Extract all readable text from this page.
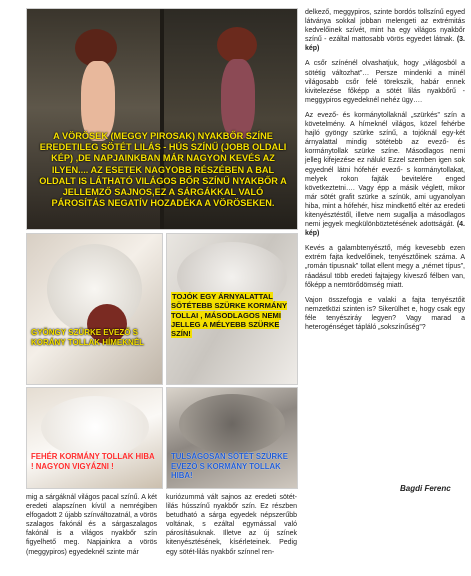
A VÖRÖSEK (MEGGY PIROSAK) NYAKBŐR SZÍNE EREDETILEG SÖTÉT LILÁS - HÚS SZÍNŰ (JOBB OLDALI KÉP) ,DE NAPJAINKBAN MÁR NAGYON KEVÉS AZ ILYEN.... AZ ESETEK NAGYOBB RÉSZÉBEN A BAL OLDALT IS LÁTHATÓ VILÁGOS BŐR SZÍNŰ NYAKBŐR A JELLEMZŐ SAJNOS,EZ A SÁRGÁKKAL VALÓ PÁROSÍTÁS NEGATÍV HOZADÉKA A VÖRÖSEKEN.
GYÖNGY SZÜRKE EVEZŐ S KORÁNY TOLLAK HÍMEKNÉL
TOJÓK EGY ÁRNYALATTAL SÖTÉTEBB SZÜRKE KORMÁNY TOLLAI , MÁSODLAGOS NEMI JELLEG A MÉLYEBB SZÜRKE SZÍN!
FEHÉR KORMÁNY TOLLAK HIBA ! NAGYON VIGYÁZNI !
TULSÁGOSAN SÖTÉT SZÜRKE EVEZŐ S KORMÁNY TOLLAK HIBA!

delkező, meggypiros, szinte bordós tollszínű egyed látványa sokkal jobban melengeti az extrémitás kedvelőinek szívét, mint ha egy világos nyakbőr színű - ezáltal mattosabb vörös egyedet látnak. (3. kép)

A csőr színénél olvashatjuk, hogy „világosból a sötétig változhat”… Persze mindenki a minél világosabb csőr felé törekszik, habár ennek kivitelezése főképp a sötét lilás nyakbőrű - meggypiros egyedeknél nehéz ügy….

Az evező- és kormánytollaknál „szürkés” szín a követelmény. A hímeknél világos, közel fehérbe hajló gyöngy szürke színű, a tojóknál egy-két árnyalattal mindig sötétebb az evező- és kormánytollak szürke színe. Másodlagos nemi jelleg kifejezése ez náluk! Ezzel szemben igen sok egyednél látni hófehér evező- s kormánytollakat, melyek rokon fajták bevitelére enged következtetni…. Vagy épp a másik véglett, mikor már sötét grafit szürke a színük, ami ugyanolyan hiba, mint a hófehér, hisz mindkettő eltér az eredeti kitenyésztéstől, illetve nem sugallja a másodlagos nemi jegyek megkülönböztetésének adottságát. (4. kép)

Kevés a galambtenyésztő, még kevesebb ezen extrém fajta kedvelőinek, tenyésztőinek száma. A „román típusnak” tollat ellent megy a „német típus”, ráadásul több eredeti fajtajegy kivesző félben van, főképp a nemtörődömség miatt.

Vajon összefogja e valaki a fajta tenyésztőit nemzetközi szinten is? Sikerülhet e, hogy csak egy féle tenyésziráy legyen? Vagy marad a heterogénséget tápláló „sokszínűség”?

Bagdi Ferenc
mig a sárgáknál világos pacal színű. A két eredeti alapszínen kívül a nemrégiben elfogadott 2 újabb színváltozatnál, a vörös szalagos fakónál és a sárgaszalagos fakónál is a világos nyakbőr szín figyelhető meg. Napjainkra a vörös (meggypiros) egyedeknél szinte már
kuriózummá vált sajnos az eredeti sötét-lilás hússzínű nyakbőr szín. Ez részben betudható a sárga egyedek népszerűbb voltának, s ezáltal egymással való párosításuknak. Illetve az új színek kitenyésztésének, kísérleteinek. Pedig egy sötét-lilás nyakbőr színnel ren-
